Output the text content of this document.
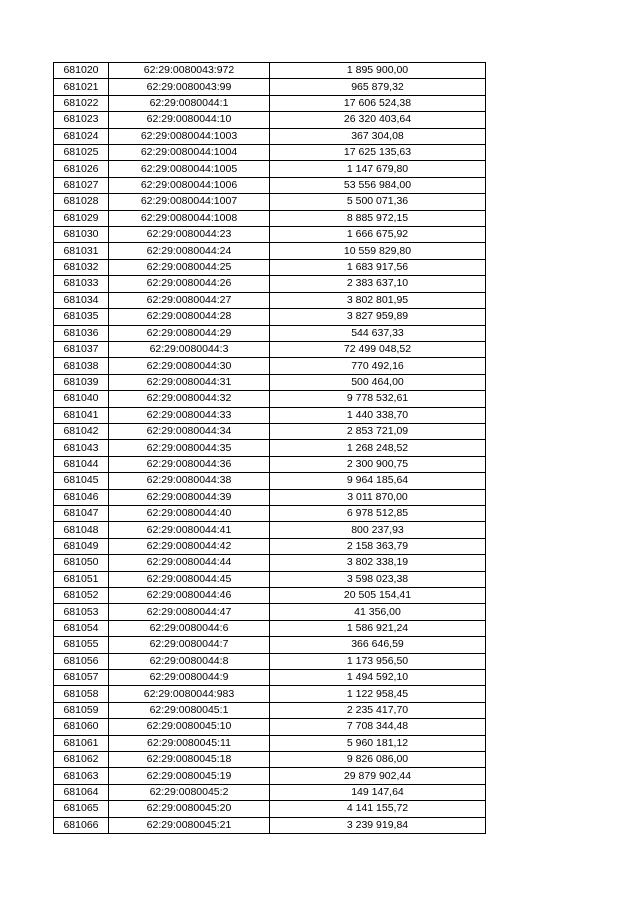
681020	62:29:0080043:972	1 895 900,00
681021	62:29:0080043:99	965 879,32
681022	62:29:0080044:1	17 606 524,38
681023	62:29:0080044:10	26 320 403,64
681024	62:29:0080044:1003	367 304,08
681025	62:29:0080044:1004	17 625 135,63
681026	62:29:0080044:1005	1 147 679,80
681027	62:29:0080044:1006	53 556 984,00
681028	62:29:0080044:1007	5 500 071,36
681029	62:29:0080044:1008	8 885 972,15
681030	62:29:0080044:23	1 666 675,92
681031	62:29:0080044:24	10 559 829,80
681032	62:29:0080044:25	1 683 917,56
681033	62:29:0080044:26	2 383 637,10
681034	62:29:0080044:27	3 802 801,95
681035	62:29:0080044:28	3 827 959,89
681036	62:29:0080044:29	544 637,33
681037	62:29:0080044:3	72 499 048,52
681038	62:29:0080044:30	770 492,16
681039	62:29:0080044:31	500 464,00
681040	62:29:0080044:32	9 778 532,61
681041	62:29:0080044:33	1 440 338,70
681042	62:29:0080044:34	2 853 721,09
681043	62:29:0080044:35	1 268 248,52
681044	62:29:0080044:36	2 300 900,75
681045	62:29:0080044:38	9 964 185,64
681046	62:29:0080044:39	3 011 870,00
681047	62:29:0080044:40	6 978 512,85
681048	62:29:0080044:41	800 237,93
681049	62:29:0080044:42	2 158 363,79
681050	62:29:0080044:44	3 802 338,19
681051	62:29:0080044:45	3 598 023,38
681052	62:29:0080044:46	20 505 154,41
681053	62:29:0080044:47	41 356,00
681054	62:29:0080044:6	1 586 921,24
681055	62:29:0080044:7	366 646,59
681056	62:29:0080044:8	1 173 956,50
681057	62:29:0080044:9	1 494 592,10
681058	62:29:0080044:983	1 122 958,45
681059	62:29:0080045:1	2 235 417,70
681060	62:29:0080045:10	7 708 344,48
681061	62:29:0080045:11	5 960 181,12
681062	62:29:0080045:18	9 826 086,00
681063	62:29:0080045:19	29 879 902,44
681064	62:29:0080045:2	149 147,64
681065	62:29:0080045:20	4 141 155,72
681066	62:29:0080045:21	3 239 919,84
